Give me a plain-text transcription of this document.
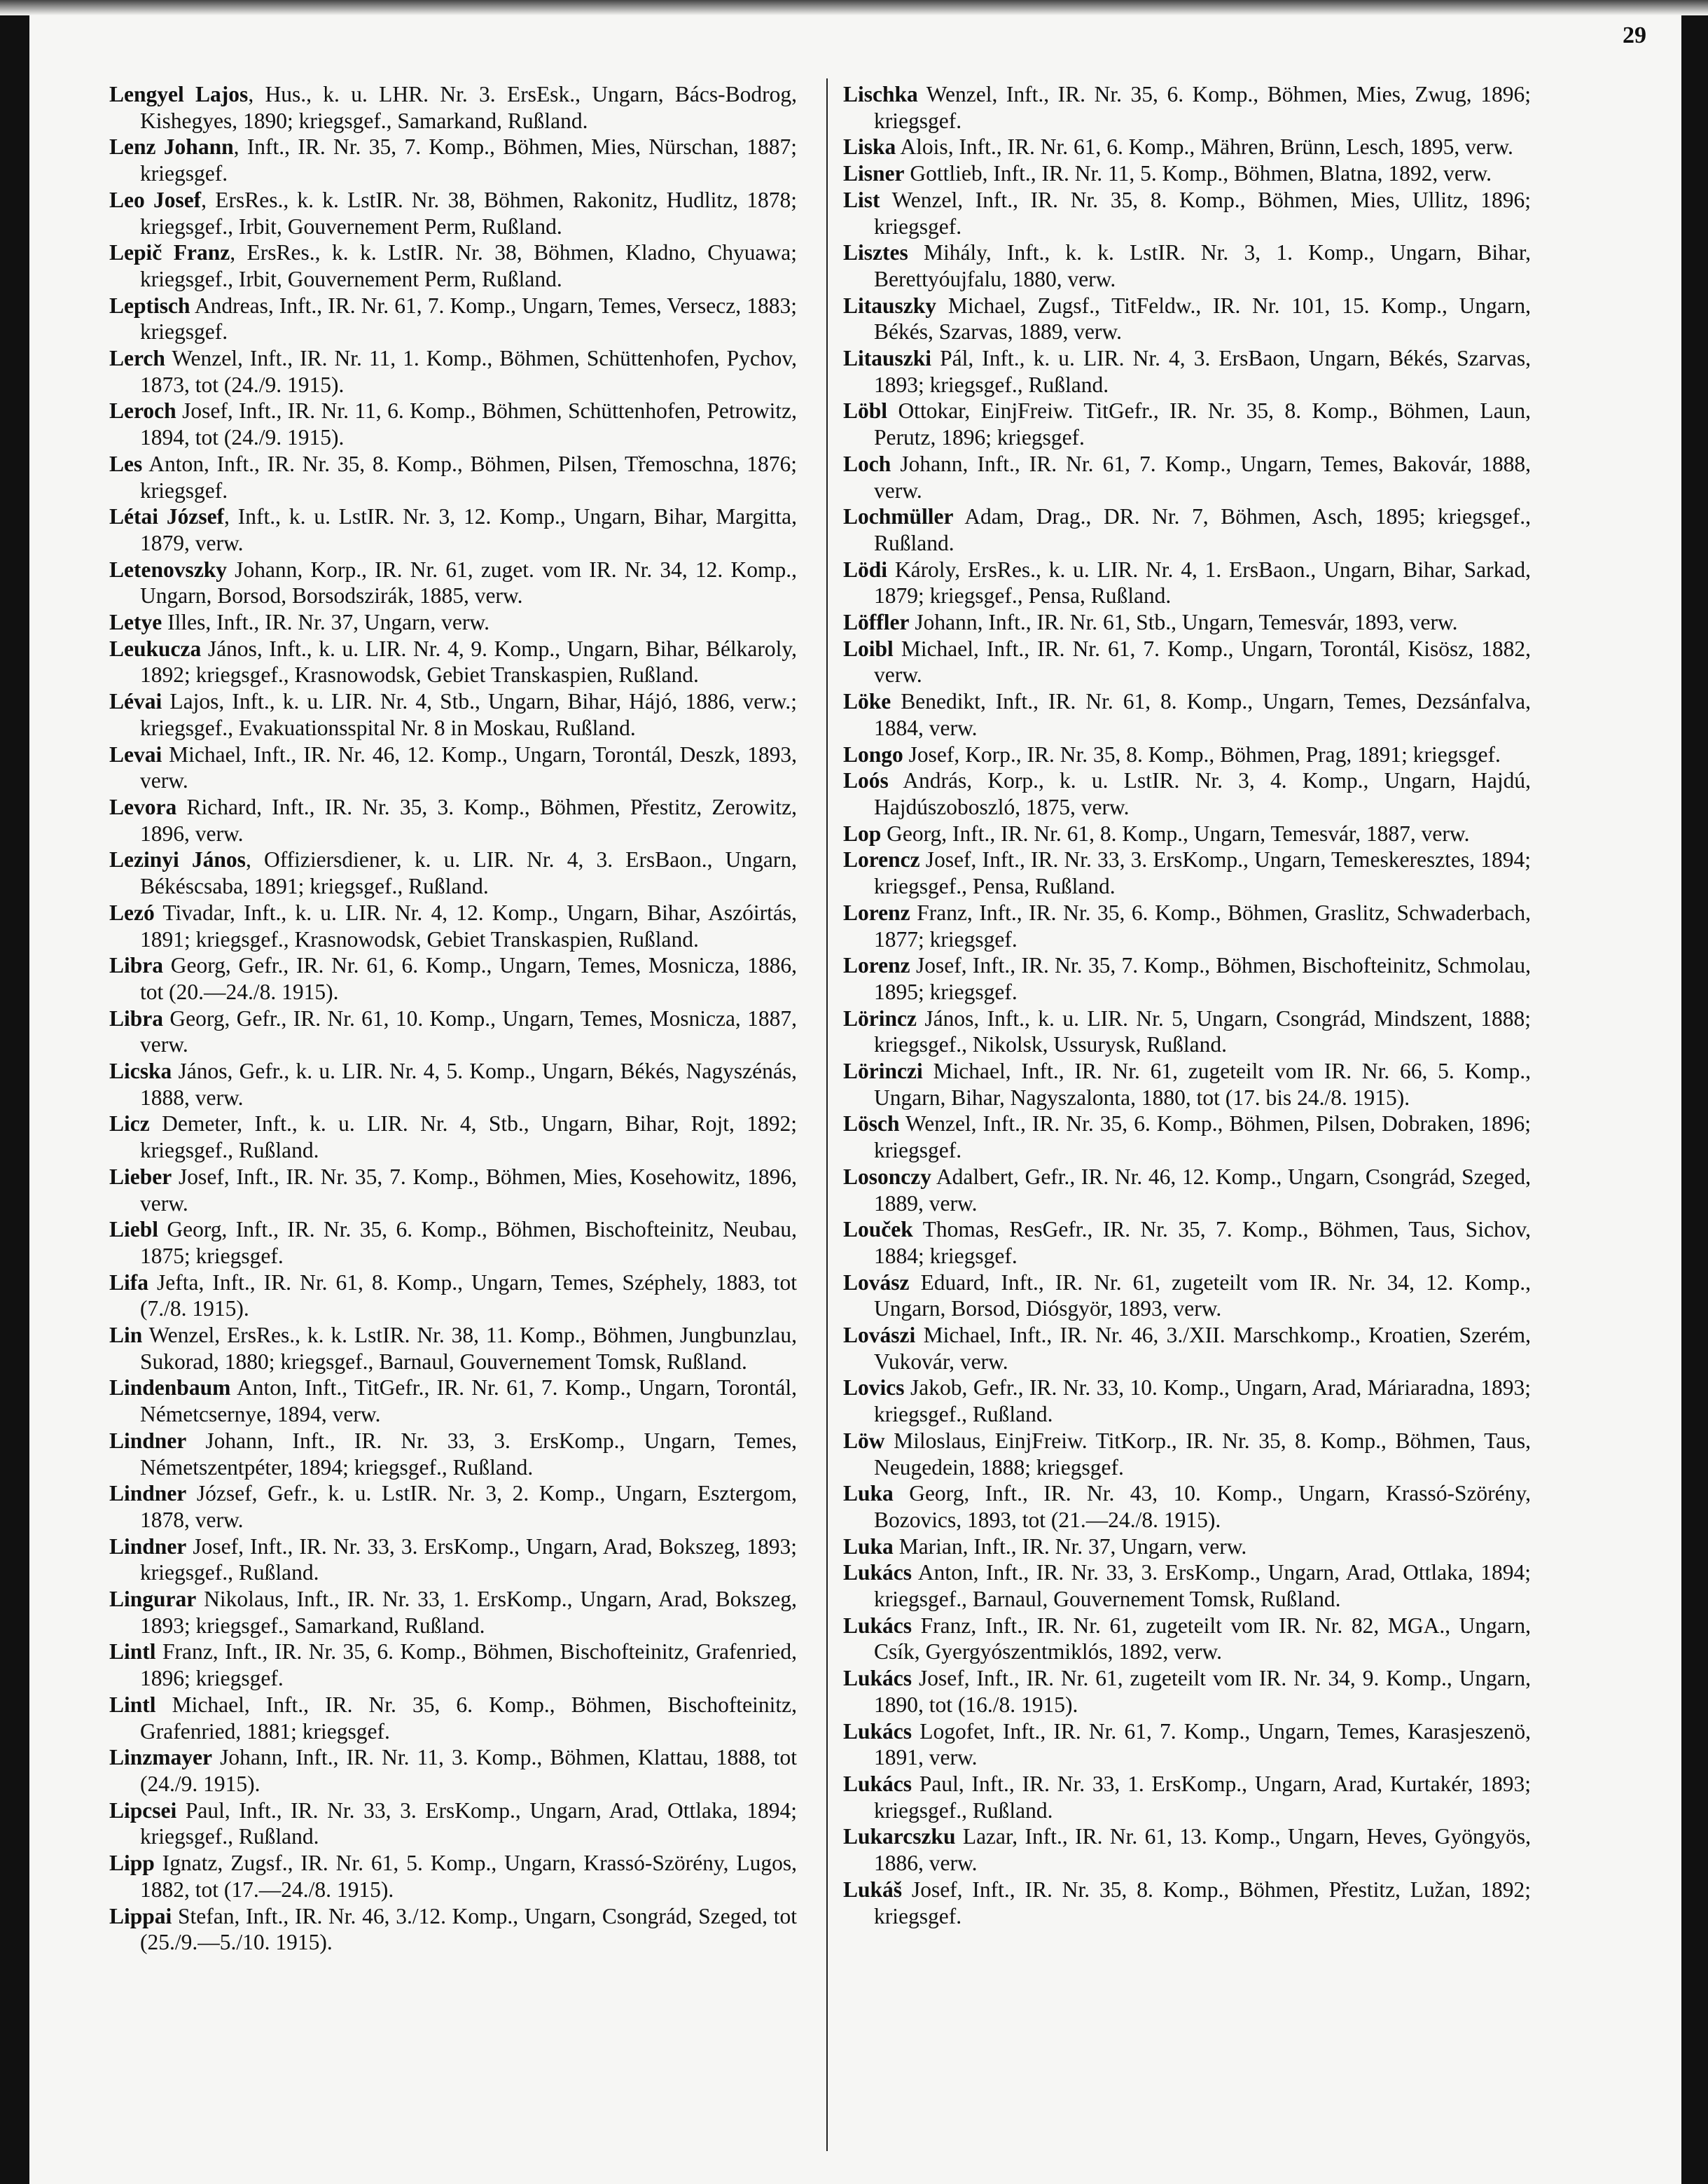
29

Lengyel Lajos, Hus., k. u. LHR. Nr. 3. ErsEsk., Ungarn, Bács-Bodrog, Kishegyes, 1890; kriegsgef., Samarkand, Rußland.

Lenz Johann, Inft., IR. Nr. 35, 7. Komp., Böhmen, Mies, Nürschan, 1887; kriegsgef.

Leo Josef, ErsRes., k. k. LstIR. Nr. 38, Böhmen, Rakonitz, Hudlitz, 1878; kriegsgef., Irbit, Gouvernement Perm, Rußland.

Lepič Franz, ErsRes., k. k. LstIR. Nr. 38, Böhmen, Kladno, Chyuawa; kriegsgef., Irbit, Gouvernement Perm, Rußland.

Leptisch Andreas, Inft., IR. Nr. 61, 7. Komp., Ungarn, Temes, Versecz, 1883; kriegsgef.

Lerch Wenzel, Inft., IR. Nr. 11, 1. Komp., Böhmen, Schüttenhofen, Pychov, 1873, tot (24./9. 1915).

Leroch Josef, Inft., IR. Nr. 11, 6. Komp., Böhmen, Schüttenhofen, Petrowitz, 1894, tot (24./9. 1915).

Les Anton, Inft., IR. Nr. 35, 8. Komp., Böhmen, Pilsen, Třemoschna, 1876; kriegsgef.

Létai József, Inft., k. u. LstIR. Nr. 3, 12. Komp., Ungarn, Bihar, Margitta, 1879, verw.

Letenovszky Johann, Korp., IR. Nr. 61, zuget. vom IR. Nr. 34, 12. Komp., Ungarn, Borsod, Borsodszirák, 1885, verw.

Letye Illes, Inft., IR. Nr. 37, Ungarn, verw.

Leukucza János, Inft., k. u. LIR. Nr. 4, 9. Komp., Ungarn, Bihar, Bélkaroly, 1892; kriegsgef., Krasnowodsk, Gebiet Transkaspien, Rußland.

Lévai Lajos, Inft., k. u. LIR. Nr. 4, Stb., Ungarn, Bihar, Hájó, 1886, verw.; kriegsgef., Evakuationsspital Nr. 8 in Moskau, Rußland.

Levai Michael, Inft., IR. Nr. 46, 12. Komp., Ungarn, Torontál, Deszk, 1893, verw.

Levora Richard, Inft., IR. Nr. 35, 3. Komp., Böhmen, Přestitz, Zerowitz, 1896, verw.

Lezinyi János, Offiziersdiener, k. u. LIR. Nr. 4, 3. ErsBaon., Ungarn, Békéscsaba, 1891; kriegsgef., Rußland.

Lezó Tivadar, Inft., k. u. LIR. Nr. 4, 12. Komp., Ungarn, Bihar, Aszóirtás, 1891; kriegsgef., Krasnowodsk, Gebiet Transkaspien, Rußland.

Libra Georg, Gefr., IR. Nr. 61, 6. Komp., Ungarn, Temes, Mosnicza, 1886, tot (20.—24./8. 1915).

Libra Georg, Gefr., IR. Nr. 61, 10. Komp., Ungarn, Temes, Mosnicza, 1887, verw.

Licska János, Gefr., k. u. LIR. Nr. 4, 5. Komp., Ungarn, Békés, Nagyszénás, 1888, verw.

Licz Demeter, Inft., k. u. LIR. Nr. 4, Stb., Ungarn, Bihar, Rojt, 1892; kriegsgef., Rußland.

Lieber Josef, Inft., IR. Nr. 35, 7. Komp., Böhmen, Mies, Kosehowitz, 1896, verw.

Liebl Georg, Inft., IR. Nr. 35, 6. Komp., Böhmen, Bischofteinitz, Neubau, 1875; kriegsgef.

Lifa Jefta, Inft., IR. Nr. 61, 8. Komp., Ungarn, Temes, Széphely, 1883, tot (7./8. 1915).

Lin Wenzel, ErsRes., k. k. LstIR. Nr. 38, 11. Komp., Böhmen, Jungbunzlau, Sukorad, 1880; kriegsgef., Barnaul, Gouvernement Tomsk, Rußland.

Lindenbaum Anton, Inft., TitGefr., IR. Nr. 61, 7. Komp., Ungarn, Torontál, Németcsernye, 1894, verw.

Lindner Johann, Inft., IR. Nr. 33, 3. ErsKomp., Ungarn, Temes, Németszentpéter, 1894; kriegsgef., Rußland.

Lindner József, Gefr., k. u. LstIR. Nr. 3, 2. Komp., Ungarn, Esztergom, 1878, verw.

Lindner Josef, Inft., IR. Nr. 33, 3. ErsKomp., Ungarn, Arad, Bokszeg, 1893; kriegsgef., Rußland.

Lingurar Nikolaus, Inft., IR. Nr. 33, 1. ErsKomp., Ungarn, Arad, Bokszeg, 1893; kriegsgef., Samarkand, Rußland.

Lintl Franz, Inft., IR. Nr. 35, 6. Komp., Böhmen, Bischofteinitz, Grafenried, 1896; kriegsgef.

Lintl Michael, Inft., IR. Nr. 35, 6. Komp., Böhmen, Bischofteinitz, Grafenried, 1881; kriegsgef.

Linzmayer Johann, Inft., IR. Nr. 11, 3. Komp., Böhmen, Klattau, 1888, tot (24./9. 1915).

Lipcsei Paul, Inft., IR. Nr. 33, 3. ErsKomp., Ungarn, Arad, Ottlaka, 1894; kriegsgef., Rußland.

Lipp Ignatz, Zugsf., IR. Nr. 61, 5. Komp., Ungarn, Krassó-Szörény, Lugos, 1882, tot (17.—24./8. 1915).

Lippai Stefan, Inft., IR. Nr. 46, 3./12. Komp., Ungarn, Csongrád, Szeged, tot (25./9.—5./10. 1915).

Lischka Wenzel, Inft., IR. Nr. 35, 6. Komp., Böhmen, Mies, Zwug, 1896; kriegsgef.

Liska Alois, Inft., IR. Nr. 61, 6. Komp., Mähren, Brünn, Lesch, 1895, verw.

Lisner Gottlieb, Inft., IR. Nr. 11, 5. Komp., Böhmen, Blatna, 1892, verw.

List Wenzel, Inft., IR. Nr. 35, 8. Komp., Böhmen, Mies, Ullitz, 1896; kriegsgef.

Lisztes Mihály, Inft., k. k. LstIR. Nr. 3, 1. Komp., Ungarn, Bihar, Berettyóujfalu, 1880, verw.

Litauszky Michael, Zugsf., TitFeldw., IR. Nr. 101, 15. Komp., Ungarn, Békés, Szarvas, 1889, verw.

Litauszki Pál, Inft., k. u. LIR. Nr. 4, 3. ErsBaon, Ungarn, Békés, Szarvas, 1893; kriegsgef., Rußland.

Löbl Ottokar, EinjFreiw. TitGefr., IR. Nr. 35, 8. Komp., Böhmen, Laun, Perutz, 1896; kriegsgef.

Loch Johann, Inft., IR. Nr. 61, 7. Komp., Ungarn, Temes, Bakovár, 1888, verw.

Lochmüller Adam, Drag., DR. Nr. 7, Böhmen, Asch, 1895; kriegsgef., Rußland.

Lödi Károly, ErsRes., k. u. LIR. Nr. 4, 1. ErsBaon., Ungarn, Bihar, Sarkad, 1879; kriegsgef., Pensa, Rußland.

Löffler Johann, Inft., IR. Nr. 61, Stb., Ungarn, Temesvár, 1893, verw.

Loibl Michael, Inft., IR. Nr. 61, 7. Komp., Ungarn, Torontál, Kisösz, 1882, verw.

Löke Benedikt, Inft., IR. Nr. 61, 8. Komp., Ungarn, Temes, Dezsánfalva, 1884, verw.

Longo Josef, Korp., IR. Nr. 35, 8. Komp., Böhmen, Prag, 1891; kriegsgef.

Loós András, Korp., k. u. LstIR. Nr. 3, 4. Komp., Ungarn, Hajdú, Hajdúszoboszló, 1875, verw.

Lop Georg, Inft., IR. Nr. 61, 8. Komp., Ungarn, Temesvár, 1887, verw.

Lorencz Josef, Inft., IR. Nr. 33, 3. ErsKomp., Ungarn, Temeskeresztes, 1894; kriegsgef., Pensa, Rußland.

Lorenz Franz, Inft., IR. Nr. 35, 6. Komp., Böhmen, Graslitz, Schwaderbach, 1877; kriegsgef.

Lorenz Josef, Inft., IR. Nr. 35, 7. Komp., Böhmen, Bischofteinitz, Schmolau, 1895; kriegsgef.

Lörincz János, Inft., k. u. LIR. Nr. 5, Ungarn, Csongrád, Mindszent, 1888; kriegsgef., Nikolsk, Ussurysk, Rußland.

Lörinczi Michael, Inft., IR. Nr. 61, zugeteilt vom IR. Nr. 66, 5. Komp., Ungarn, Bihar, Nagyszalonta, 1880, tot (17. bis 24./8. 1915).

Lösch Wenzel, Inft., IR. Nr. 35, 6. Komp., Böhmen, Pilsen, Dobraken, 1896; kriegsgef.

Losonczy Adalbert, Gefr., IR. Nr. 46, 12. Komp., Ungarn, Csongrád, Szeged, 1889, verw.

Louček Thomas, ResGefr., IR. Nr. 35, 7. Komp., Böhmen, Taus, Sichov, 1884; kriegsgef.

Lovász Eduard, Inft., IR. Nr. 61, zugeteilt vom IR. Nr. 34, 12. Komp., Ungarn, Borsod, Diósgyör, 1893, verw.

Lovászi Michael, Inft., IR. Nr. 46, 3./XII. Marschkomp., Kroatien, Szerém, Vukovár, verw.

Lovics Jakob, Gefr., IR. Nr. 33, 10. Komp., Ungarn, Arad, Máriaradna, 1893; kriegsgef., Rußland.

Löw Miloslaus, EinjFreiw. TitKorp., IR. Nr. 35, 8. Komp., Böhmen, Taus, Neugedein, 1888; kriegsgef.

Luka Georg, Inft., IR. Nr. 43, 10. Komp., Ungarn, Krassó-Szörény, Bozovics, 1893, tot (21.—24./8. 1915).

Luka Marian, Inft., IR. Nr. 37, Ungarn, verw.

Lukács Anton, Inft., IR. Nr. 33, 3. ErsKomp., Ungarn, Arad, Ottlaka, 1894; kriegsgef., Barnaul, Gouvernement Tomsk, Rußland.

Lukács Franz, Inft., IR. Nr. 61, zugeteilt vom IR. Nr. 82, MGA., Ungarn, Csík, Gyergyószentmiklós, 1892, verw.

Lukács Josef, Inft., IR. Nr. 61, zugeteilt vom IR. Nr. 34, 9. Komp., Ungarn, 1890, tot (16./8. 1915).

Lukács Logofet, Inft., IR. Nr. 61, 7. Komp., Ungarn, Temes, Karasjeszenö, 1891, verw.

Lukács Paul, Inft., IR. Nr. 33, 1. ErsKomp., Ungarn, Arad, Kurtakér, 1893; kriegsgef., Rußland.

Lukarcszku Lazar, Inft., IR. Nr. 61, 13. Komp., Ungarn, Heves, Gyöngyös, 1886, verw.

Lukáš Josef, Inft., IR. Nr. 35, 8. Komp., Böhmen, Přestitz, Lužan, 1892; kriegsgef.
